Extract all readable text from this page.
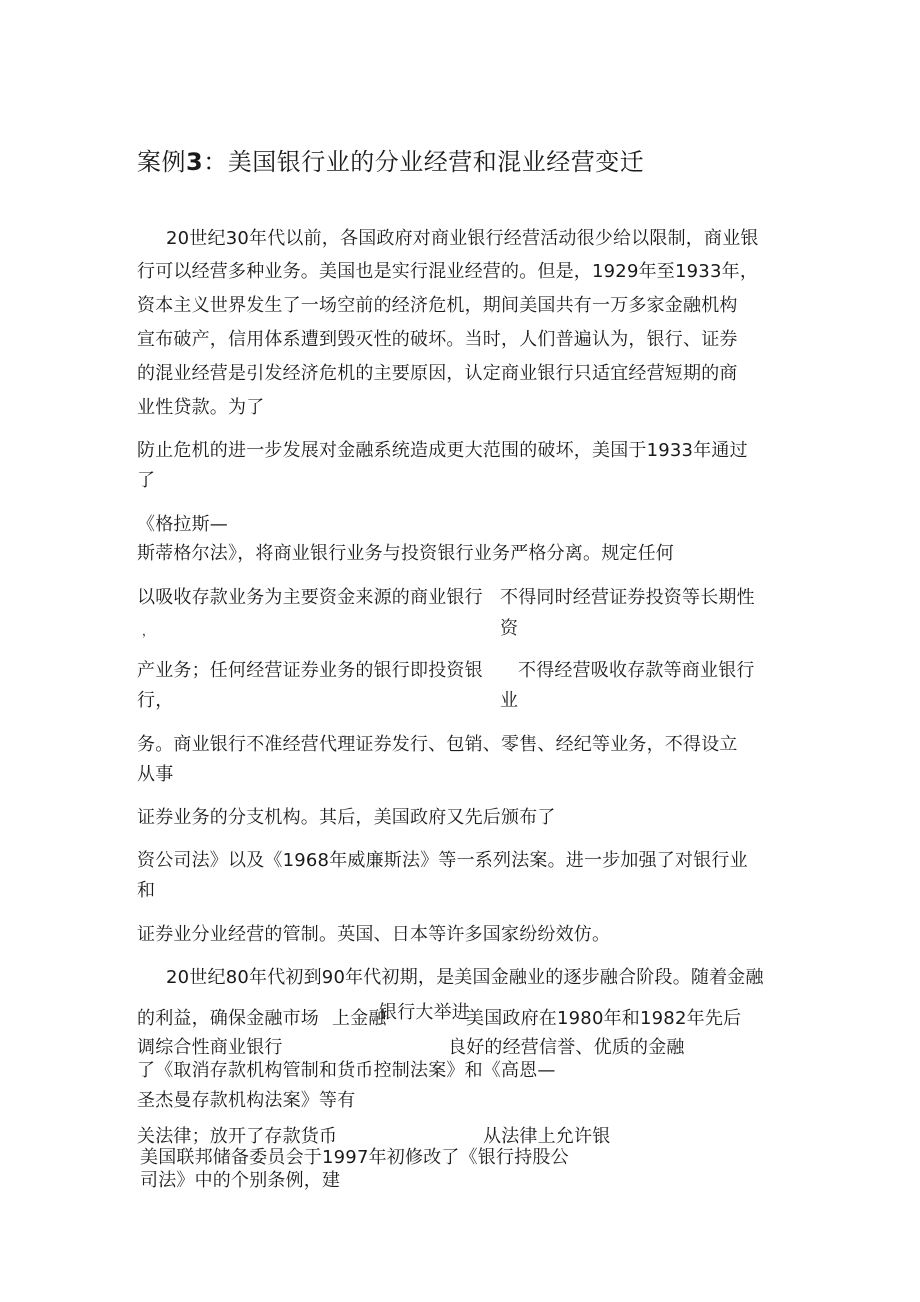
案例3：美国银行业的分业经营和混业经营变迁
20世纪30年代以前，各国政府对商业银行经营活动很少给以限制，商业银
行可以经营多种业务。美国也是实行混业经营的。但是，1929年至1933年，
资本主义世界发生了一场空前的经济危机，期间美国共有一万多家金融机构
宣布破产，信用体系遭到毁灭性的破坏。当时，人们普遍认为，银行、证券
的混业经营是引发经济危机的主要原因，认定商业银行只适宜经营短期的商
业性贷款。为了
防止危机的进一步发展对金融系统造成更大范围的破坏，美国于1933年通过
了
《格拉斯—
斯蒂格尔法》，将商业银行业务与投资银行业务严格分离。规定任何
以吸收存款业务为主要资金来源的商业银行
，
不得同时经营证券投资等长期性
资
产业务；任何经营证券业务的银行即投资银
行，
不得经营吸收存款等商业银行
业
务。商业银行不准经营代理证券发行、包销、零售、经纪等业务，不得设立
从事
证券业务的分支机构。其后，美国政府又先后颁布了
资公司法》以及《1968年威廉斯法》等一系列法案。进一步加强了对银行业
和
证券业分业经营的管制。英国、日本等许多国家纷纷效仿。
20世纪80年代初到90年代初期，是美国金融业的逐步融合阶段。随着金融
的利益，确保金融市场 上金融
银行大举进
美国政府在1980年和1982年先后
调综合性商业银行	良好的经营信誉、优质的金融
了《取消存款机构管制和货币控制法案》和《高恩—
圣杰曼存款机构法案》等有
关法律；放开了存款货币	从法律上允许银
美国联邦储备委员会于1997年初修改了《银行持股公
司法》中的个别条例，建
